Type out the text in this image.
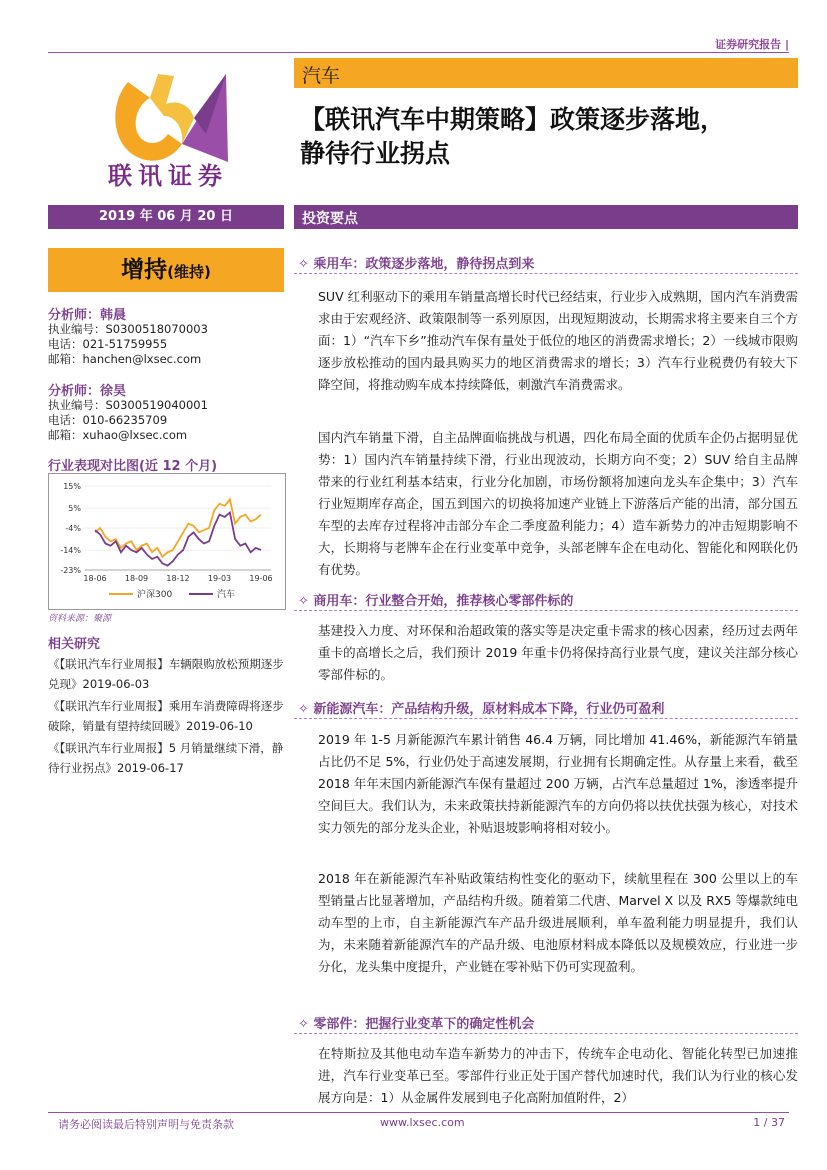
证券研究报告 |
联讯证券
汽车
【联讯汽车中期策略】政策逐步落地，
静待行业拐点
2019 年 06 月 20 日	投资要点
增持(维持)
分析师：韩晨
执业编号：S0300518070003
电话：021-51759955
邮箱：hanchen@lxsec.com
分析师：徐昊
执业编号：S0300519040001
电话：010-66235709
邮箱：xuhao@lxsec.com
行业表现对比图(近 12 个月)
15%
5%
-4%
-14%
-23%
18-06 18-09 18-12 19-03 19-06
沪深300	汽车
资料来源：聚源
相关研究
《【联讯汽车行业周报】车辆限购放松预期逐步兑现》2019-06-03
《【联讯汽车行业周报】乘用车消费障碍将逐步破除，销量有望持续回暖》2019-06-10
《【联讯汽车行业周报】5 月销量继续下滑，静待行业拐点》2019-06-17
✧ 乘用车：政策逐步落地，静待拐点到来
SUV 红利驱动下的乘用车销量高增长时代已经结束，行业步入成熟期，国内汽车消费需求由于宏观经济、政策限制等一系列原因，出现短期波动，长期需求将主要来自三个方面：1）“汽车下乡”推动汽车保有量处于低位的地区的消费需求增长；2）一线城市限购逐步放松推动的国内最具购买力的地区消费需求的增长；3）汽车行业税费仍有较大下降空间，将推动购车成本持续降低，刺激汽车消费需求。
国内汽车销量下滑，自主品牌面临挑战与机遇，四化布局全面的优质车企仍占据明显优势：1）国内汽车销量持续下滑，行业出现波动，长期方向不变；2）SUV 给自主品牌带来的行业红利基本结束，行业分化加剧，市场份额将加速向龙头车企集中；3）汽车行业短期库存高企，国五到国六的切换将加速产业链上下游落后产能的出清，部分国五车型的去库存过程将冲击部分车企二季度盈利能力；4）造车新势力的冲击短期影响不大，长期将与老牌车企在行业变革中竞争，头部老牌车企在电动化、智能化和网联化仍有优势。
✧ 商用车：行业整合开始，推荐核心零部件标的
基建投入力度、对环保和治超政策的落实等是决定重卡需求的核心因素，经历过去两年重卡的高增长之后，我们预计 2019 年重卡仍将保持高行业景气度，建议关注部分核心零部件标的。
✧ 新能源汽车：产品结构升级，原材料成本下降，行业仍可盈利
2019 年 1-5 月新能源汽车累计销售 46.4 万辆，同比增加 41.46%，新能源汽车销量占比仍不足 5%，行业仍处于高速发展期，行业拥有长期确定性。从存量上来看，截至 2018 年年末国内新能源汽车保有量超过 200 万辆，占汽车总量超过 1%，渗透率提升空间巨大。我们认为，未来政策扶持新能源汽车的方向仍将以扶优扶强为核心，对技术实力领先的部分龙头企业，补贴退坡影响将相对较小。
2018 年在新能源汽车补贴政策结构性变化的驱动下，续航里程在 300 公里以上的车型销量占比显著增加，产品结构升级。随着第二代唐、Marvel X 以及 RX5 等爆款纯电动车型的上市，自主新能源汽车产品升级进展顺利，单车盈利能力明显提升，我们认为，未来随着新能源汽车的产品升级、电池原材料成本降低以及规模效应，行业进一步分化，龙头集中度提升，产业链在零补贴下仍可实现盈利。
✧ 零部件：把握行业变革下的确定性机会
在特斯拉及其他电动车造车新势力的冲击下，传统车企电动化、智能化转型已加速推进，汽车行业变革已至。零部件行业正处于国产替代加速时代，我们认为行业的核心发展方向是：1）从金属件发展到电子化高附加值附件，2）
请务必阅读最后特别声明与免责条款	www.lxsec.com	1 / 37
